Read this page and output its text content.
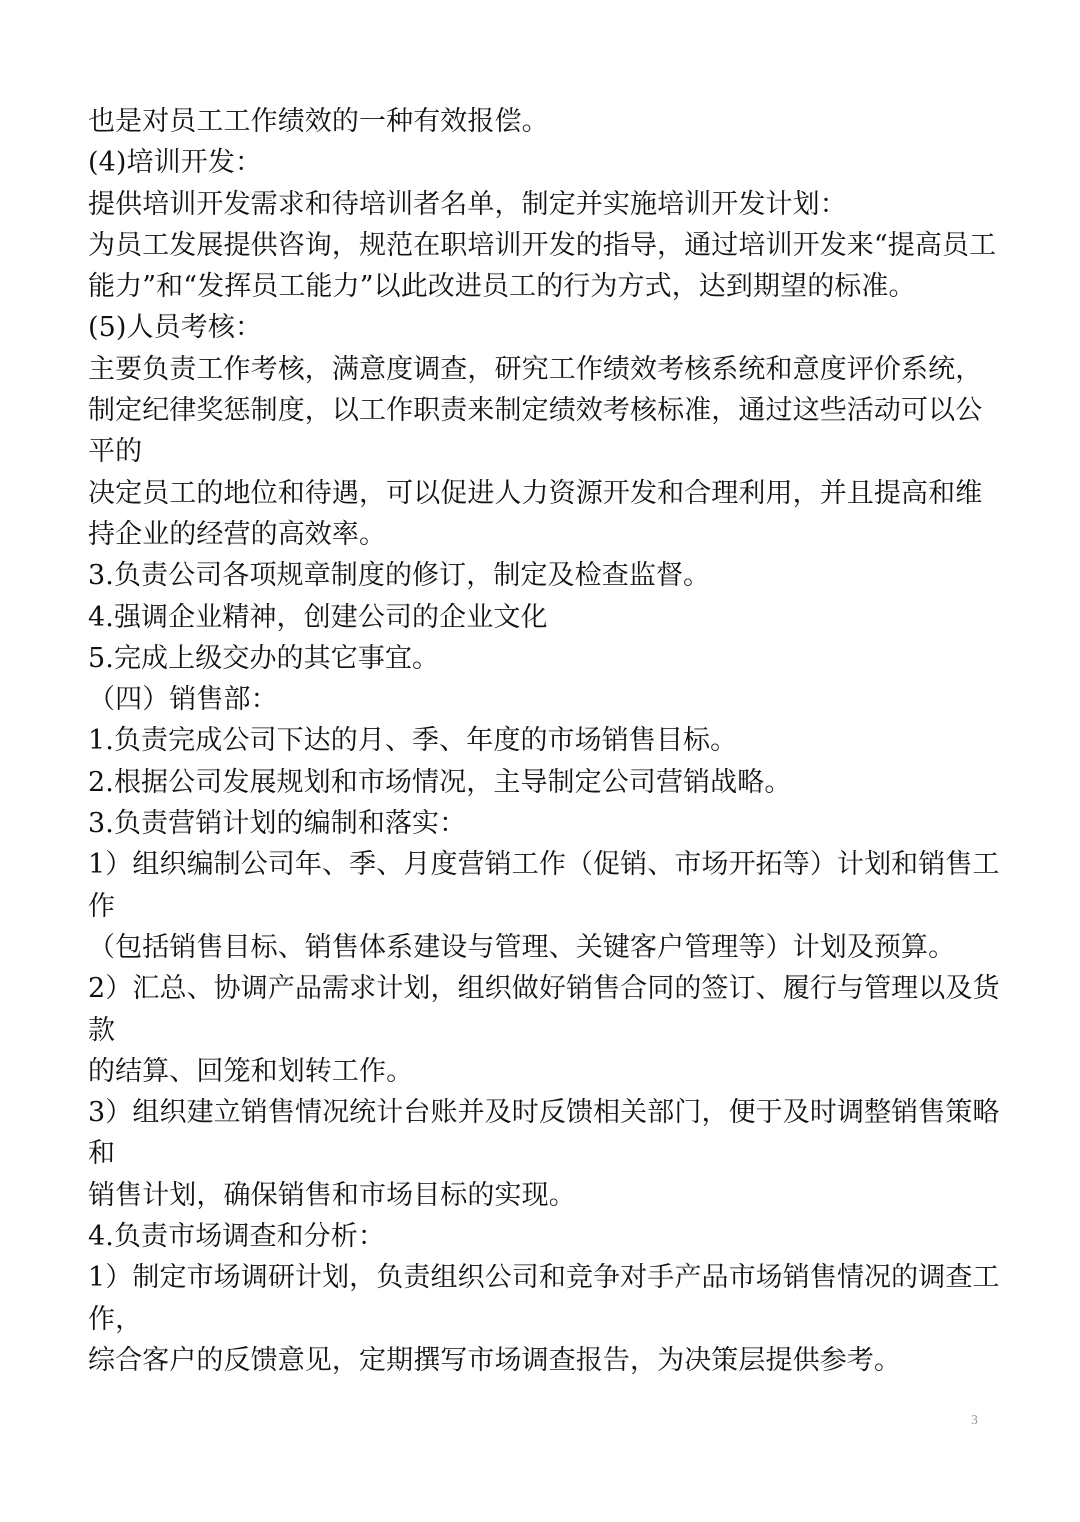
也是对员工工作绩效的一种有效报偿。
(4)培训开发：
提供培训开发需求和待培训者名单，制定并实施培训开发计划：
为员工发展提供咨询，规范在职培训开发的指导，通过培训开发来“提高员工
能力”和“发挥员工能力”以此改进员工的行为方式，达到期望的标准。
(5)人员考核：
主要负责工作考核，满意度调查，研究工作绩效考核系统和意度评价系统，
制定纪律奖惩制度，以工作职责来制定绩效考核标准，通过这些活动可以公
平的
决定员工的地位和待遇，可以促进人力资源开发和合理利用，并且提高和维
持企业的经营的高效率。
3.负责公司各项规章制度的修订，制定及检查监督。
4.强调企业精神，创建公司的企业文化
5.完成上级交办的其它事宜。
（四）销售部：
1.负责完成公司下达的月、季、年度的市场销售目标。
2.根据公司发展规划和市场情况，主导制定公司营销战略。
3.负责营销计划的编制和落实：
1）组织编制公司年、季、月度营销工作（促销、市场开拓等）计划和销售工
作
（包括销售目标、销售体系建设与管理、关键客户管理等）计划及预算。
2）汇总、协调产品需求计划，组织做好销售合同的签订、履行与管理以及货
款
的结算、回笼和划转工作。
3）组织建立销售情况统计台账并及时反馈相关部门，便于及时调整销售策略
和
销售计划，确保销售和市场目标的实现。
4.负责市场调查和分析：
1）制定市场调研计划，负责组织公司和竞争对手产品市场销售情况的调查工
作，
综合客户的反馈意见，定期撰写市场调查报告，为决策层提供参考。
3
